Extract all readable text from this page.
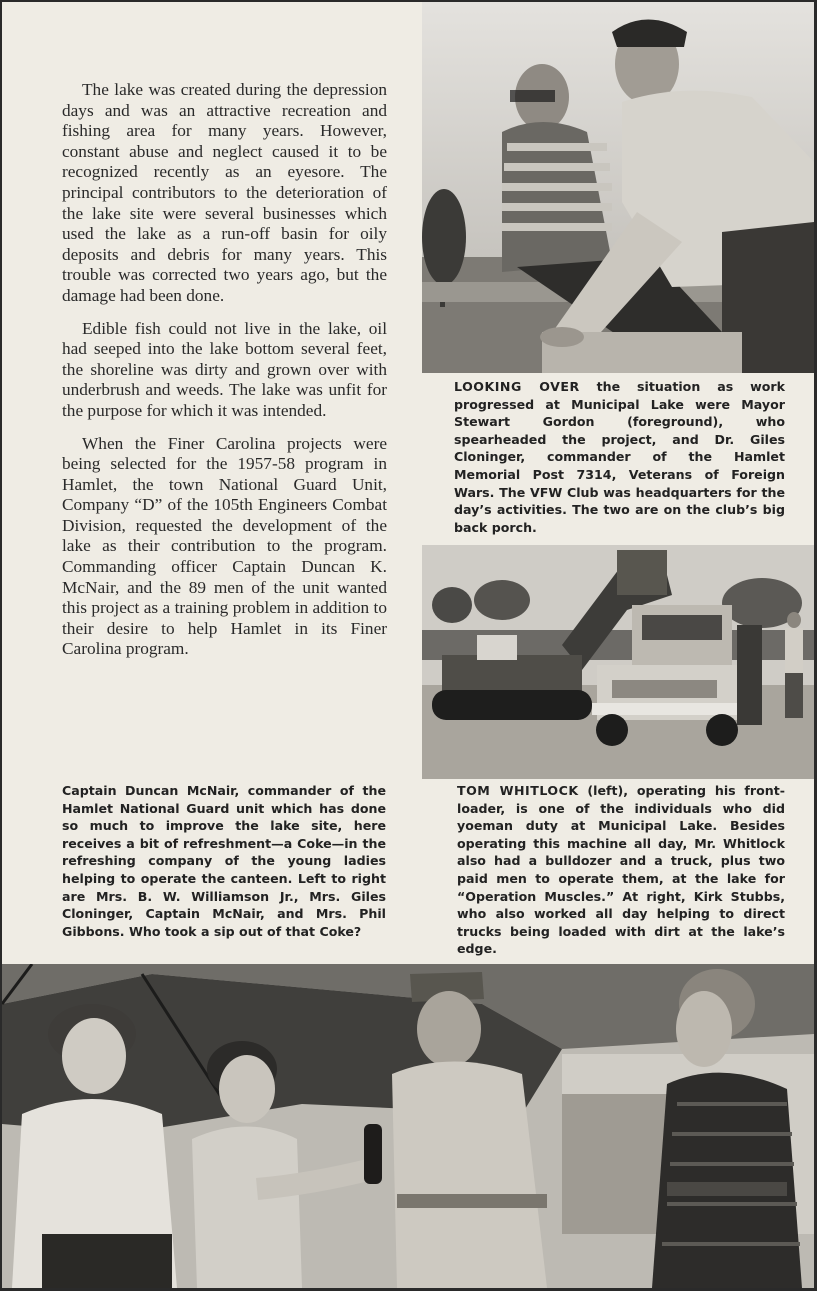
The lake was created during the depression days and was an attractive recreation and fishing area for many years. However, constant abuse and neglect caused it to be recognized recently as an eyesore. The principal contributors to the deterioration of the lake site were several businesses which used the lake as a run-off basin for oily deposits and debris for many years. This trouble was corrected two years ago, but the damage had been done.

Edible fish could not live in the lake, oil had seeped into the lake bottom several feet, the shoreline was dirty and grown over with underbrush and weeds. The lake was unfit for the purpose for which it was intended.

When the Finer Carolina projects were being selected for the 1957-58 program in Hamlet, the town National Guard Unit, Company “D” of the 105th Engineers Combat Division, requested the development of the lake as their contribution to the program. Commanding officer Captain Duncan K. McNair, and the 89 men of the unit wanted this project as a training problem in addition to their desire to help Hamlet in its Finer Carolina program.

LOOKING OVER the situation as work progressed at Municipal Lake were Mayor Stewart Gordon (foreground), who spearheaded the project, and Dr. Giles Cloninger, commander of the Hamlet Memorial Post 7314, Veterans of Foreign Wars. The VFW Club was headquarters for the day’s activities. The two are on the club’s big back porch.
TOM WHITLOCK (left), operating his front-loader, is one of the individuals who did yoeman duty at Municipal Lake. Besides operating this machine all day, Mr. Whitlock also had a bulldozer and a truck, plus two paid men to operate them, at the lake for “Operation Muscles.” At right, Kirk Stubbs, who also worked all day helping to direct trucks being loaded with dirt at the lake’s edge.
Captain Duncan McNair, commander of the Hamlet National Guard unit which has done so much to improve the lake site, here receives a bit of refreshment—a Coke—in the refreshing company of the young ladies helping to operate the canteen. Left to right are Mrs. B. W. Williamson Jr., Mrs. Giles Cloninger, Captain McNair, and Mrs. Phil Gibbons. Who took a sip out of that Coke?
